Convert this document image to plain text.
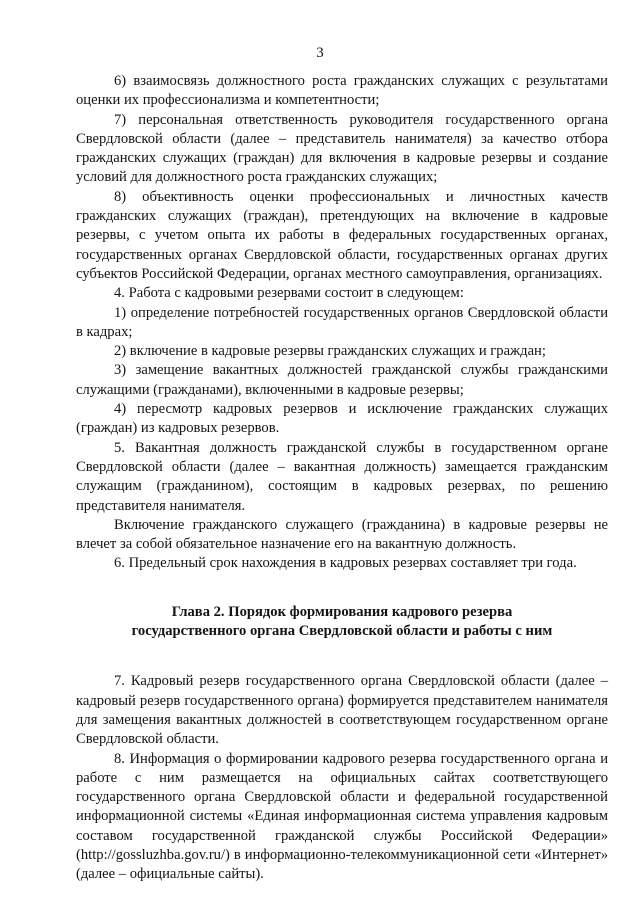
3

6) взаимосвязь должностного роста гражданских служащих с результатами оценки их профессионализма и компетентности;

7) персональная ответственность руководителя государственного органа Свердловской области (далее – представитель нанимателя) за качество отбора гражданских служащих (граждан) для включения в кадровые резервы и создание условий для должностного роста гражданских служащих;

8) объективность оценки профессиональных и личностных качеств гражданских служащих (граждан), претендующих на включение в кадровые резервы, с учетом опыта их работы в федеральных государственных органах, государственных органах Свердловской области, государственных органах других субъектов Российской Федерации, органах местного самоуправления, организациях.

4. Работа с кадровыми резервами состоит в следующем:

1) определение потребностей государственных органов Свердловской области в кадрах;

2) включение в кадровые резервы гражданских служащих и граждан;

3) замещение вакантных должностей гражданской службы гражданскими служащими (гражданами), включенными в кадровые резервы;

4) пересмотр кадровых резервов и исключение гражданских служащих (граждан) из кадровых резервов.

5. Вакантная должность гражданской службы в государственном органе Свердловской области (далее – вакантная должность) замещается гражданским служащим (гражданином), состоящим в кадровых резервах, по решению представителя нанимателя.

Включение гражданского служащего (гражданина) в кадровые резервы не влечет за собой обязательное назначение его на вакантную должность.

6. Предельный срок нахождения в кадровых резервах составляет три года.

Глава 2. Порядок формирования кадрового резерва
государственного органа Свердловской области и работы с ним

7. Кадровый резерв государственного органа Свердловской области (далее – кадровый резерв государственного органа) формируется представителем нанимателя для замещения вакантных должностей в соответствующем государственном органе Свердловской области.

8. Информация о формировании кадрового резерва государственного органа и работе с ним размещается на официальных сайтах соответствующего государственного органа Свердловской области и федеральной государственной информационной системы «Единая информационная система управления кадровым составом государственной гражданской службы Российской Федерации» (http://gossluzhba.gov.ru/) в информационно-телекоммуникационной сети «Интернет» (далее – официальные сайты).
